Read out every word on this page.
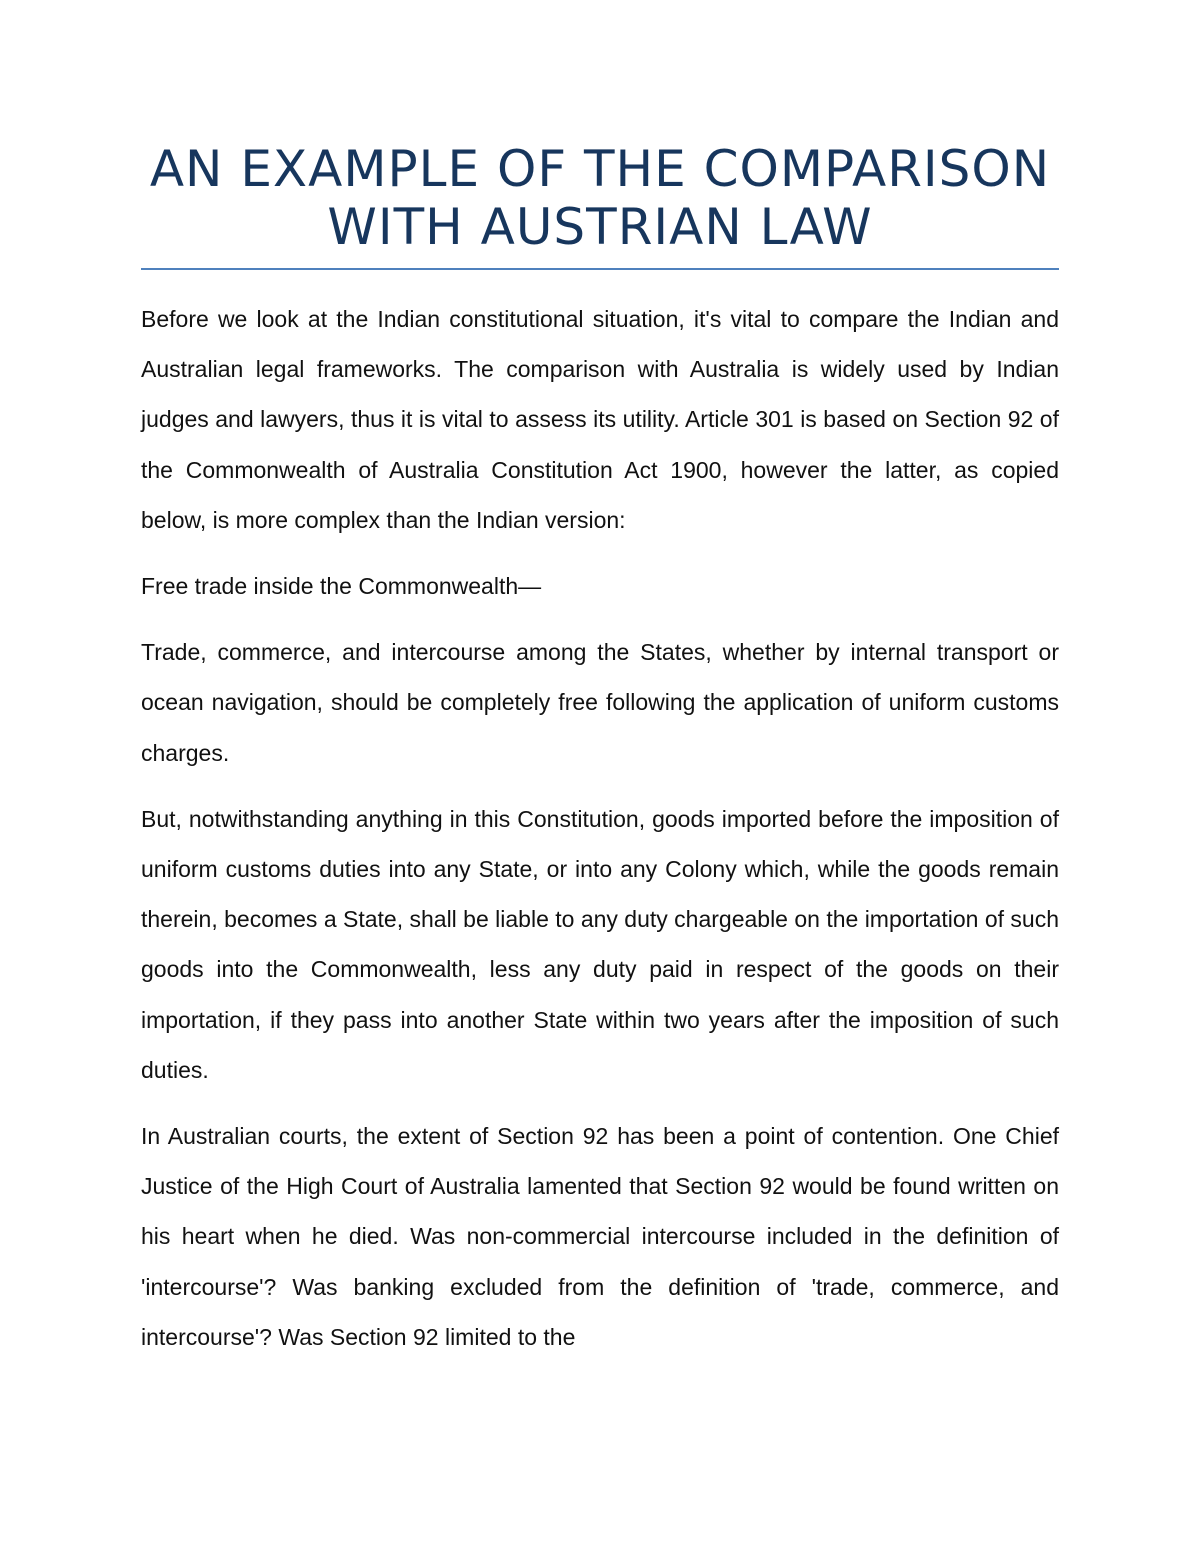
AN EXAMPLE OF THE COMPARISON
WITH AUSTRIAN LAW

Before we look at the Indian constitutional situation, it's vital to compare the Indian and Australian legal frameworks. The comparison with Australia is widely used by Indian judges and lawyers, thus it is vital to assess its utility. Article 301 is based on Section 92 of the Commonwealth of Australia Constitution Act 1900, however the latter, as copied below, is more complex than the Indian version:

Free trade inside the Commonwealth—

Trade, commerce, and intercourse among the States, whether by internal transport or ocean navigation, should be completely free following the application of uniform customs charges.

But, notwithstanding anything in this Constitution, goods imported before the imposition of uniform customs duties into any State, or into any Colony which, while the goods remain therein, becomes a State, shall be liable to any duty chargeable on the importation of such goods into the Commonwealth, less any duty paid in respect of the goods on their importation, if they pass into another State within two years after the imposition of such duties.

In Australian courts, the extent of Section 92 has been a point of contention. One Chief Justice of the High Court of Australia lamented that Section 92 would be found written on his heart when he died. Was non-commercial intercourse included in the definition of 'intercourse'? Was banking excluded from the definition of 'trade, commerce, and intercourse'? Was Section 92 limited to the
